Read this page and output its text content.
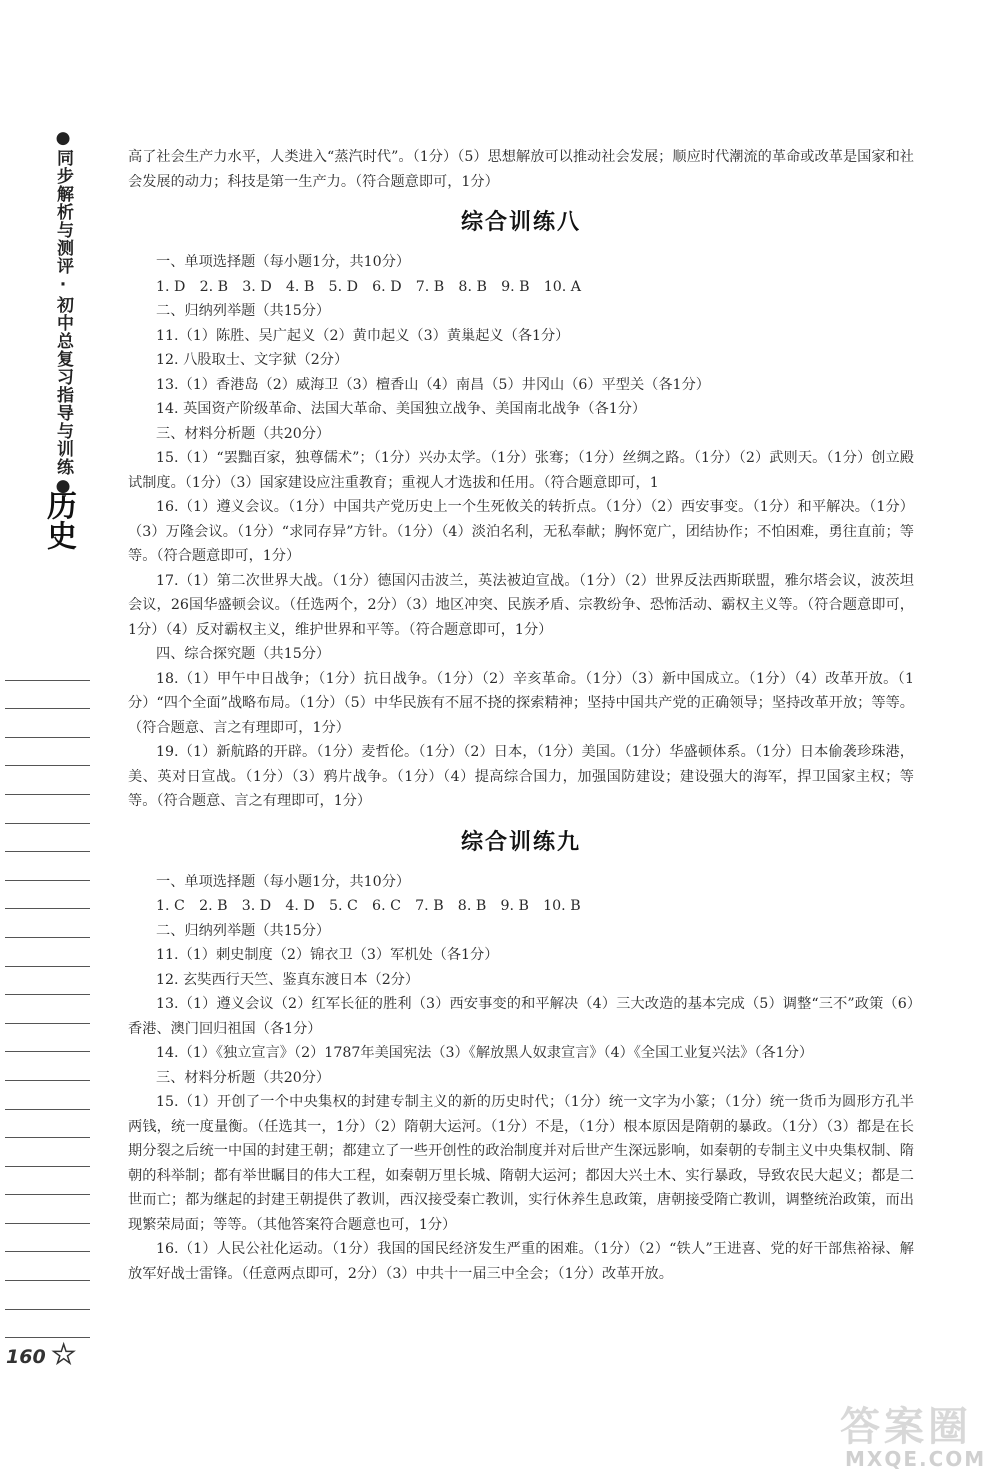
●同步解析与测评·初中总复习指导与训练●
历史
160 ★

高了社会生产力水平，人类进入“蒸汽时代”。（1分）（5）思想解放可以推动社会发展；顺应时代潮流的革命或改革是国家和社会发展的动力；科技是第一生产力。（符合题意即可，1分）

综合训练八

一、单项选择题（每小题1分，共10分）

1. D　2. B　3. D　4. B　5. D　6. D　7. B　8. B　9. B　10. A

二、归纳列举题（共15分）

11.（1）陈胜、吴广起义（2）黄巾起义（3）黄巢起义（各1分）

12. 八股取士、文字狱（2分）

13.（1）香港岛（2）威海卫（3）檀香山（4）南昌（5）井冈山（6）平型关（各1分）

14. 英国资产阶级革命、法国大革命、美国独立战争、美国南北战争（各1分）

三、材料分析题（共20分）

15.（1）“罢黜百家，独尊儒术”；（1分）兴办太学。（1分）张骞；（1分）丝绸之路。（1分）（2）武则天。（1分）创立殿试制度。（1分）（3）国家建设应注重教育；重视人才选拔和任用。（符合题意即可，1

16.（1）遵义会议。（1分）中国共产党历史上一个生死攸关的转折点。（1分）（2）西安事变。（1分）和平解决。（1分）（3）万隆会议。（1分）“求同存异”方针。（1分）（4）淡泊名利，无私奉献；胸怀宽广，团结协作；不怕困难，勇往直前；等等。（符合题意即可，1分）

17.（1）第二次世界大战。（1分）德国闪击波兰，英法被迫宣战。（1分）（2）世界反法西斯联盟，雅尔塔会议，波茨坦会议，26国华盛顿会议。（任选两个，2分）（3）地区冲突、民族矛盾、宗教纷争、恐怖活动、霸权主义等。（符合题意即可，1分）（4）反对霸权主义，维护世界和平等。（符合题意即可，1分）

四、综合探究题（共15分）

18.（1）甲午中日战争；（1分）抗日战争。（1分）（2）辛亥革命。（1分）（3）新中国成立。（1分）（4）改革开放。（1分）“四个全面”战略布局。（1分）（5）中华民族有不屈不挠的探索精神；坚持中国共产党的正确领导；坚持改革开放；等等。（符合题意、言之有理即可，1分）

19.（1）新航路的开辟。（1分）麦哲伦。（1分）（2）日本，（1分）美国。（1分）华盛顿体系。（1分）日本偷袭珍珠港，美、英对日宣战。（1分）（3）鸦片战争。（1分）（4）提高综合国力，加强国防建设；建设强大的海军，捍卫国家主权；等等。（符合题意、言之有理即可，1分）

综合训练九

一、单项选择题（每小题1分，共10分）

1. C　2. B　3. D　4. D　5. C　6. C　7. B　8. B　9. B　10. B

二、归纳列举题（共15分）

11.（1）刺史制度（2）锦衣卫（3）军机处（各1分）

12. 玄奘西行天竺、鉴真东渡日本（2分）

13.（1）遵义会议（2）红军长征的胜利（3）西安事变的和平解决（4）三大改造的基本完成（5）调整“三不”政策（6）香港、澳门回归祖国（各1分）

14.（1）《独立宣言》（2）1787年美国宪法（3）《解放黑人奴隶宣言》（4）《全国工业复兴法》（各1分）

三、材料分析题（共20分）

15.（1）开创了一个中央集权的封建专制主义的新的历史时代；（1分）统一文字为小篆；（1分）统一货币为圆形方孔半两钱，统一度量衡。（任选其一，1分）（2）隋朝大运河。（1分）不是，（1分）根本原因是隋朝的暴政。（1分）（3）都是在长期分裂之后统一中国的封建王朝；都建立了一些开创性的政治制度并对后世产生深远影响，如秦朝的专制主义中央集权制、隋朝的科举制；都有举世瞩目的伟大工程，如秦朝万里长城、隋朝大运河；都因大兴土木、实行暴政，导致农民大起义；都是二世而亡；都为继起的封建王朝提供了教训，西汉接受秦亡教训，实行休养生息政策，唐朝接受隋亡教训，调整统治政策，而出现繁荣局面；等等。（其他答案符合题意也可，1分）

16.（1）人民公社化运动。（1分）我国的国民经济发生严重的困难。（1分）（2）“铁人”王进喜、党的好干部焦裕禄、解放军好战士雷锋。（任意两点即可，2分）（3）中共十一届三中全会；（1分）改革开放。

答案圈
MXQE.COM
